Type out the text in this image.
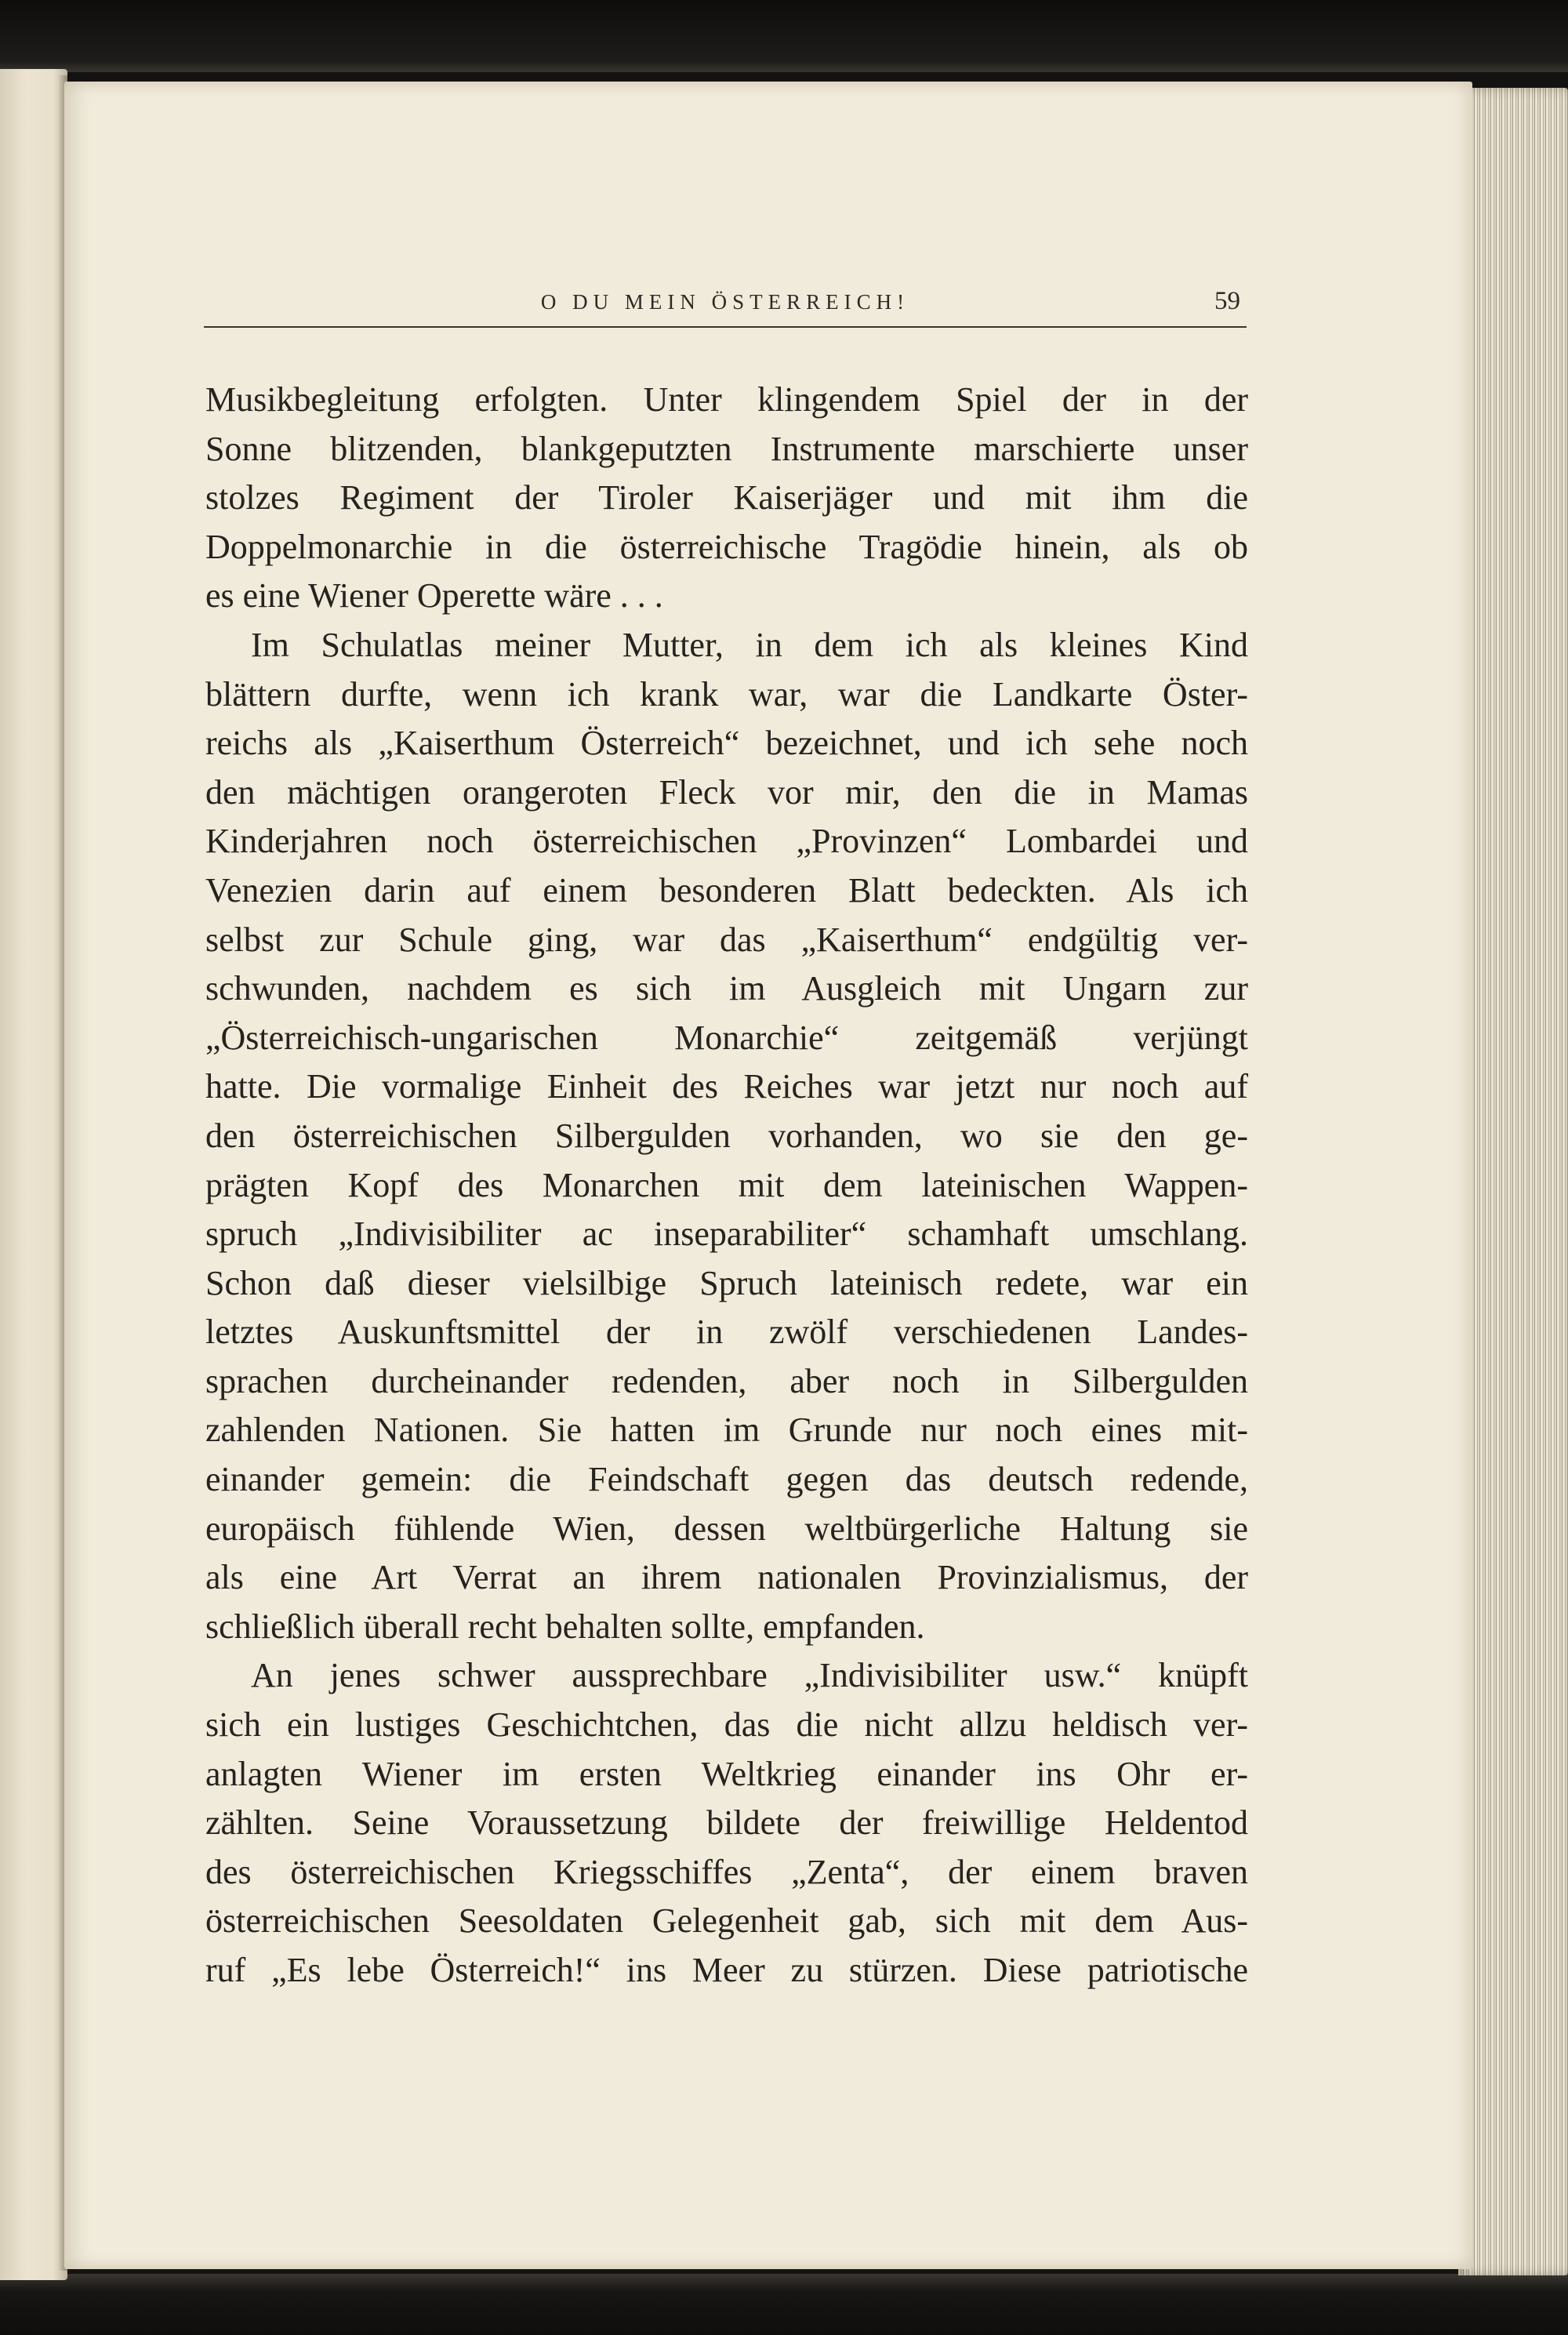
O DU MEIN ÖSTERREICH!	59
Musikbegleitung erfolgten. Unter klingendem Spiel der in der
Sonne blitzenden, blankgeputzten Instrumente marschierte unser
stolzes Regiment der Tiroler Kaiserjäger und mit ihm die
Doppelmonarchie in die österreichische Tragödie hinein, als ob
es eine Wiener Operette wäre . . .
Im Schulatlas meiner Mutter, in dem ich als kleines Kind
blättern durfte, wenn ich krank war, war die Landkarte Öster-
reichs als „Kaiserthum Österreich“ bezeichnet, und ich sehe noch
den mächtigen orangeroten Fleck vor mir, den die in Mamas
Kinderjahren noch österreichischen „Provinzen“ Lombardei und
Venezien darin auf einem besonderen Blatt bedeckten. Als ich
selbst zur Schule ging, war das „Kaiserthum“ endgültig ver-
schwunden, nachdem es sich im Ausgleich mit Ungarn zur
„Österreichisch-ungarischen Monarchie“ zeitgemäß verjüngt
hatte. Die vormalige Einheit des Reiches war jetzt nur noch auf
den österreichischen Silbergulden vorhanden, wo sie den ge-
prägten Kopf des Monarchen mit dem lateinischen Wappen-
spruch „Indivisibiliter ac inseparabiliter“ schamhaft umschlang.
Schon daß dieser vielsilbige Spruch lateinisch redete, war ein
letztes Auskunftsmittel der in zwölf verschiedenen Landes-
sprachen durcheinander redenden, aber noch in Silbergulden
zahlenden Nationen. Sie hatten im Grunde nur noch eines mit-
einander gemein: die Feindschaft gegen das deutsch redende,
europäisch fühlende Wien, dessen weltbürgerliche Haltung sie
als eine Art Verrat an ihrem nationalen Provinzialismus, der
schließlich überall recht behalten sollte, empfanden.
An jenes schwer aussprechbare „Indivisibiliter usw.“ knüpft
sich ein lustiges Geschichtchen, das die nicht allzu heldisch ver-
anlagten Wiener im ersten Weltkrieg einander ins Ohr er-
zählten. Seine Voraussetzung bildete der freiwillige Heldentod
des österreichischen Kriegsschiffes „Zenta“, der einem braven
österreichischen Seesoldaten Gelegenheit gab, sich mit dem Aus-
ruf „Es lebe Österreich!“ ins Meer zu stürzen. Diese patriotische
